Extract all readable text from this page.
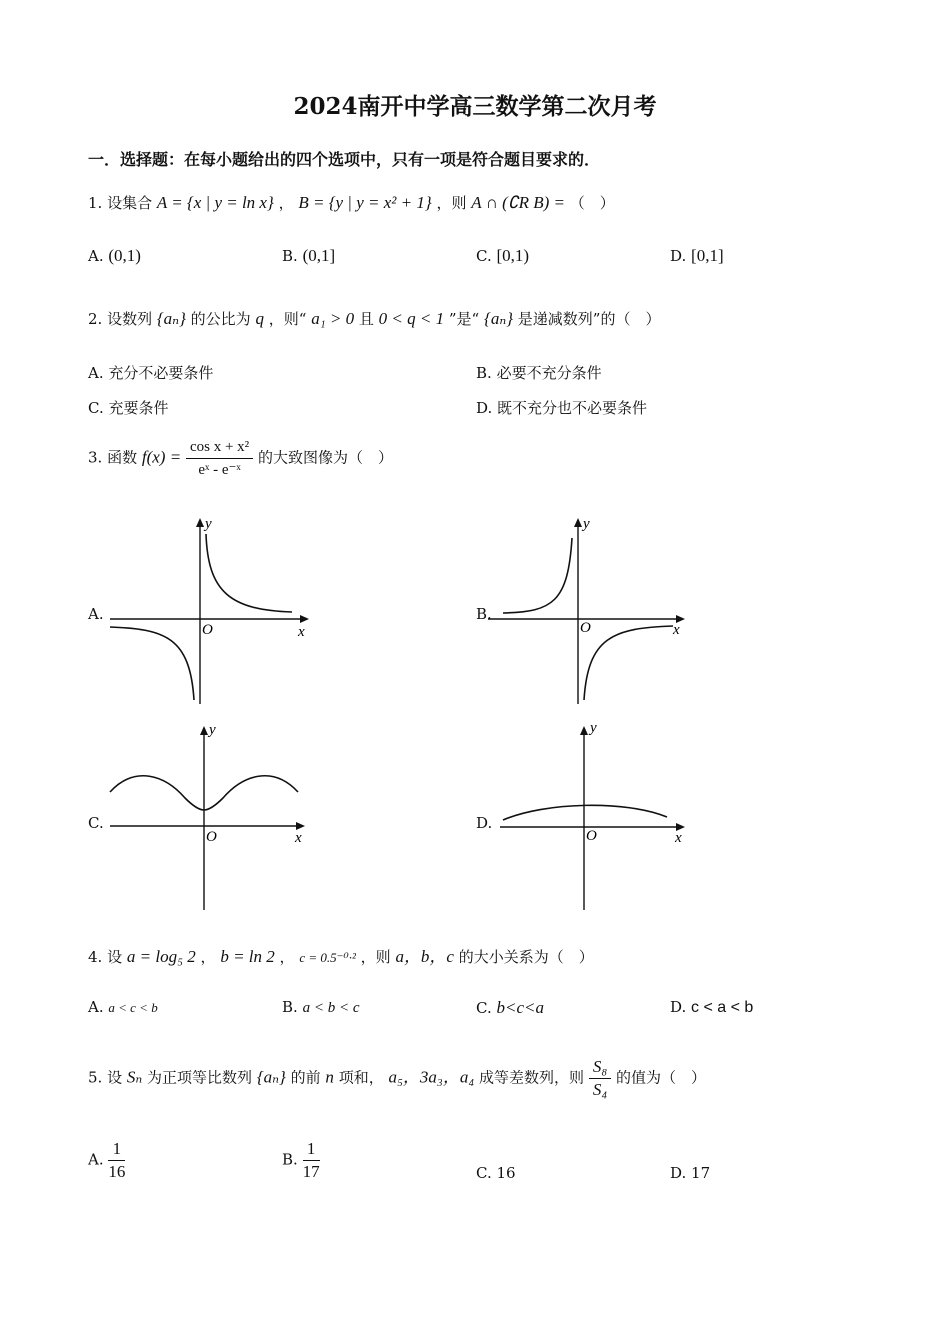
2024南开中学高三数学第二次月考
一．选择题：在每小题给出的四个选项中，只有一项是符合题目要求的．
1. 设集合 A = {x | y = ln x} ， B = {y | y = x² + 1} ，则 A ∩ (∁R B) = （　）
A. (0,1)	B. (0,1]	C. [0,1)	D. [0,1]
2. 设数列 {aₙ} 的公比为 q ，则“ a₁ > 0 且 0 < q < 1 ”是“ {aₙ} 是递减数列”的（　）
A. 充分不必要条件	B. 必要不充分条件
C. 充要条件	D. 既不充分也不必要条件
3. 函数 $f(x) = \frac{\text{cos x + x²}}{\text{eˣ - e⁻ˣ}}$ 的大致图像为（　）
A.	B.
C.	D.
y
x
O
y
x
O
y
x
O
y
x
O
4. 设 a = log₅ 2 ， b = ln 2 ， c = 0.5⁻⁰·² ，则 a，b，c 的大小关系为（　）
A. a < c < b	B. a < b < c	C. b<c<a	D. c < a < b
5. 设 Sₙ 为正项等比数列 {aₙ} 的前 n 项和， a₅，3a₃，a₄ 成等差数列，则 $\frac{\text{S₈}}{\text{S₄}}$ 的值为（　）
A. $\frac{1}{16}$	B. $\frac{1}{17}$	C. 16	D. 17
